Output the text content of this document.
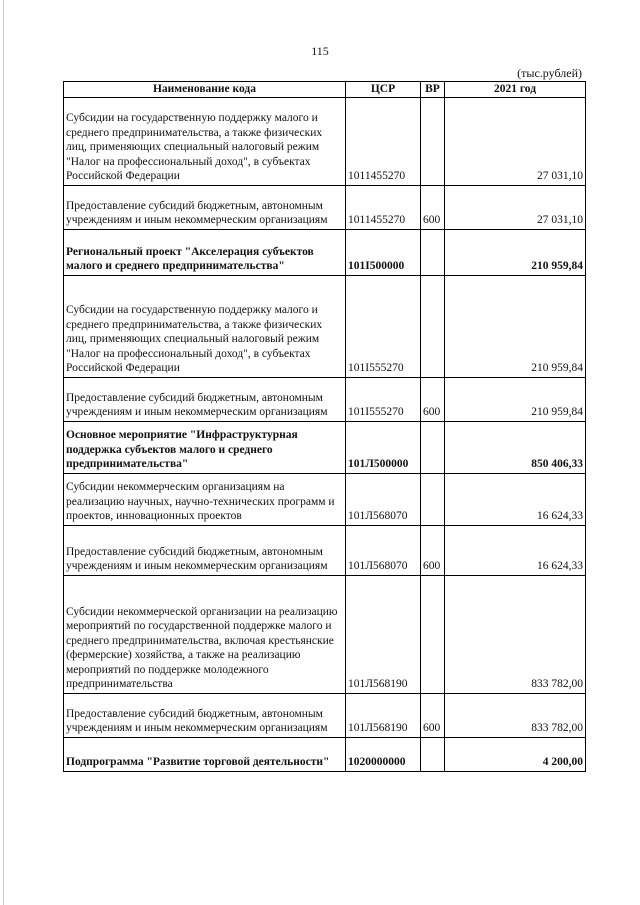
115
(тыс.рублей)
Наименование кода	ЦСР	ВР	2021 год
Субсидии на государственную поддержку малого и среднего предпринимательства, а также физических лиц, применяющих специальный налоговый режим "Налог на профессиональный доход", в субъектах Российской Федерации	1011455270		27 031,10
Предоставление субсидий бюджетным, автономным учреждениям и иным некоммерческим организациям	1011455270	600	27 031,10
Региональный проект "Акселерация субъектов малого и среднего предпринимательства"	101I500000		210 959,84
Субсидии на государственную поддержку малого и среднего предпринимательства, а также физических лиц, применяющих специальный налоговый режим "Налог на профессиональный доход", в субъектах Российской Федерации	101I555270		210 959,84
Предоставление субсидий бюджетным, автономным учреждениям и иным некоммерческим организациям	101I555270	600	210 959,84
Основное мероприятие "Инфраструктурная поддержка субъектов малого и среднего предпринимательства"	101Л500000		850 406,33
Субсидии некоммерческим организациям на реализацию научных, научно-технических программ и проектов, инновационных проектов	101Л568070		16 624,33
Предоставление субсидий бюджетным, автономным учреждениям и иным некоммерческим организациям	101Л568070	600	16 624,33
Субсидии некоммерческой организации на реализацию мероприятий по государственной поддержке малого и среднего предпринимательства, включая крестьянские (фермерские) хозяйства, а также на реализацию мероприятий по поддержке молодежного предпринимательства	101Л568190		833 782,00
Предоставление субсидий бюджетным, автономным учреждениям и иным некоммерческим организациям	101Л568190	600	833 782,00
Подпрограмма "Развитие торговой деятельности"	1020000000		4 200,00
